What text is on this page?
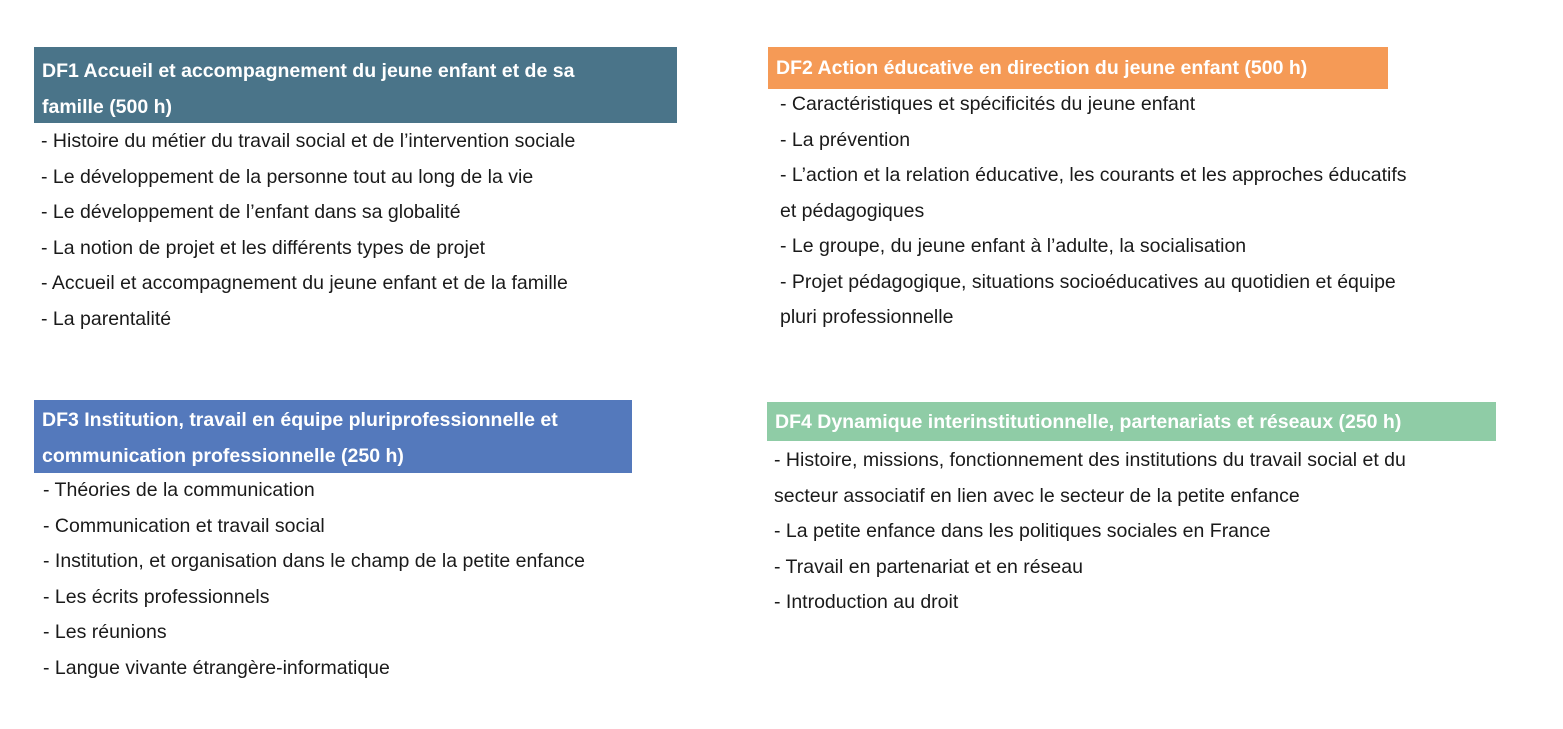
DF1 Accueil et accompagnement du jeune enfant et de sa
famille (500 h)
- Histoire du métier du travail social et de l’intervention sociale
- Le développement de la personne tout au long de la vie
- Le développement de l’enfant dans sa globalité
- La notion de projet et les différents types de projet
- Accueil et accompagnement du jeune enfant et de la famille
- La parentalité
DF2 Action éducative en direction du jeune enfant (500 h)
- Caractéristiques et spécificités du jeune enfant
- La prévention
- L’action et la relation éducative, les courants et les approches éducatifs
et pédagogiques
- Le groupe, du jeune enfant à l’adulte, la socialisation
- Projet pédagogique, situations socioéducatives au quotidien et équipe
pluri professionnelle
DF3 Institution, travail en équipe pluriprofessionnelle et
communication professionnelle (250 h)
- Théories de la communication
- Communication et travail social
- Institution, et organisation dans le champ de la petite enfance
- Les écrits professionnels
- Les réunions
- Langue vivante étrangère-informatique
DF4 Dynamique interinstitutionnelle, partenariats et réseaux (250 h)
- Histoire, missions, fonctionnement des institutions du travail social et du
secteur associatif en lien avec le secteur de la petite enfance
- La petite enfance dans les politiques sociales en France
- Travail en partenariat et en réseau
- Introduction au droit
